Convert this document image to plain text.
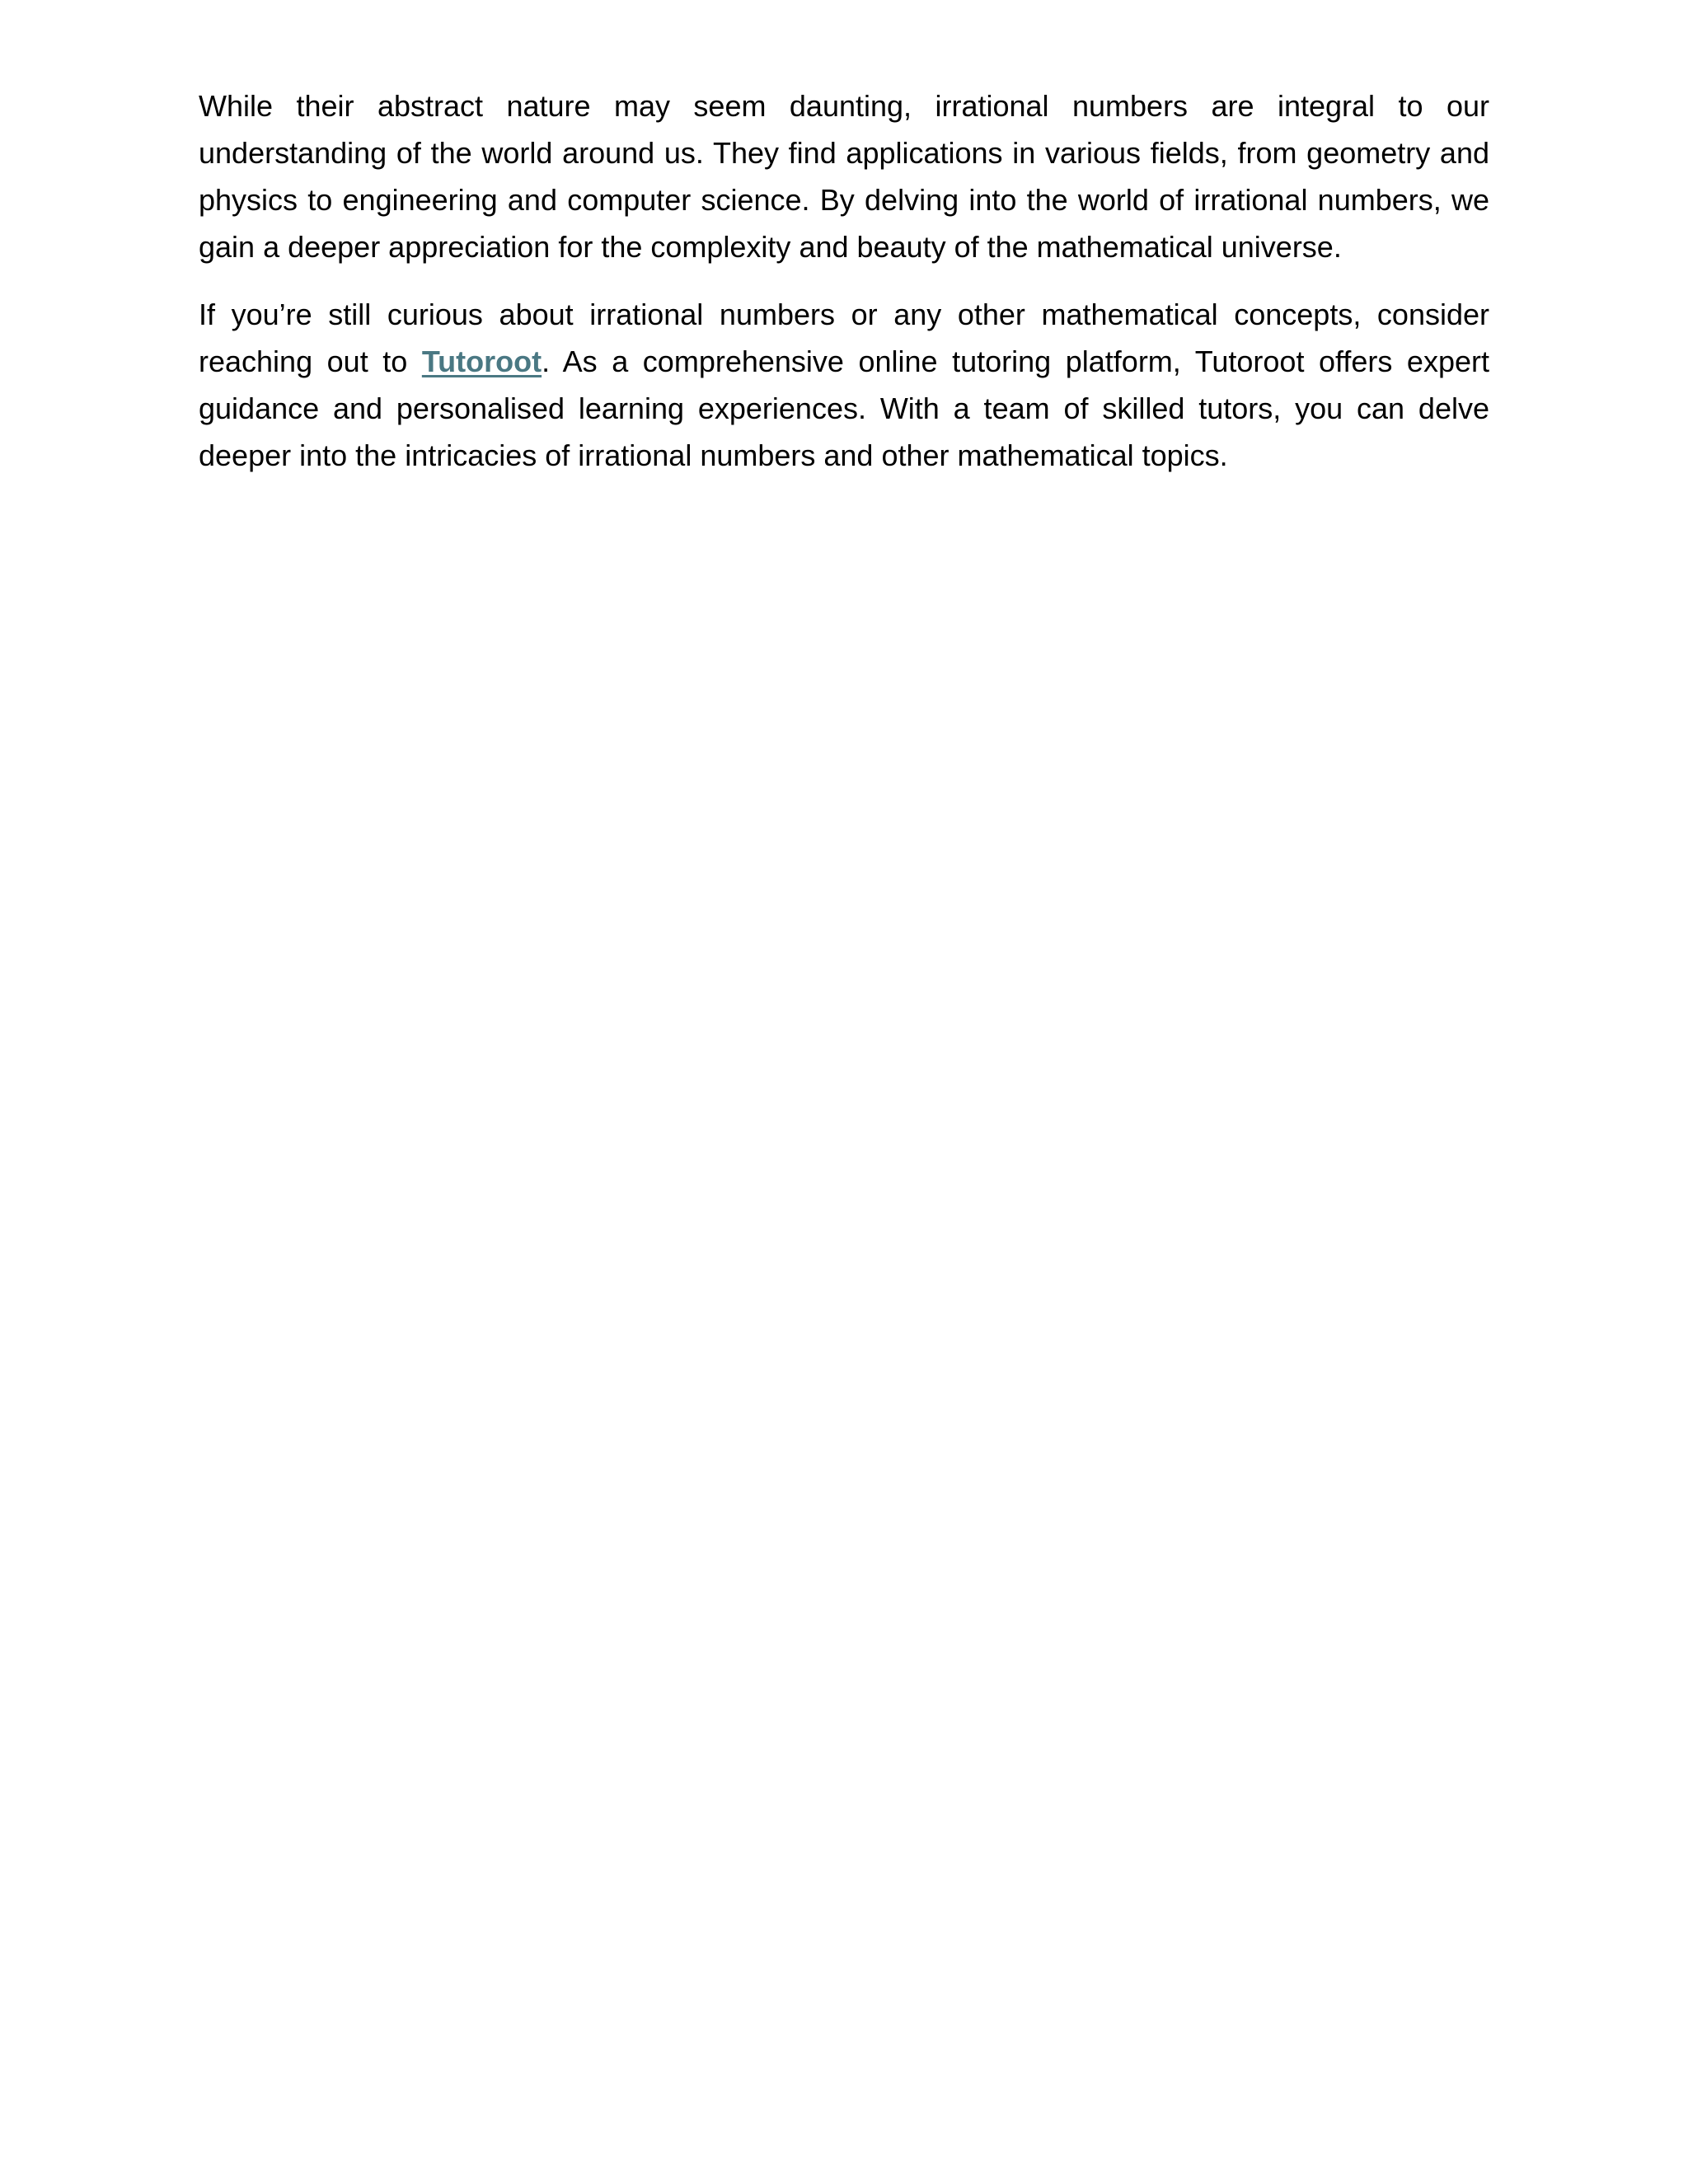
While their abstract nature may seem daunting, irrational numbers are integral to our understanding of the world around us. They find applications in various fields, from geometry and physics to engineering and computer science. By delving into the world of irrational numbers, we gain a deeper appreciation for the complexity and beauty of the mathematical universe.

If you’re still curious about irrational numbers or any other mathematical concepts, consider reaching out to Tutoroot. As a comprehensive online tutoring platform, Tutoroot offers expert guidance and personalised learning experiences. With a team of skilled tutors, you can delve deeper into the intricacies of irrational numbers and other mathematical topics.
